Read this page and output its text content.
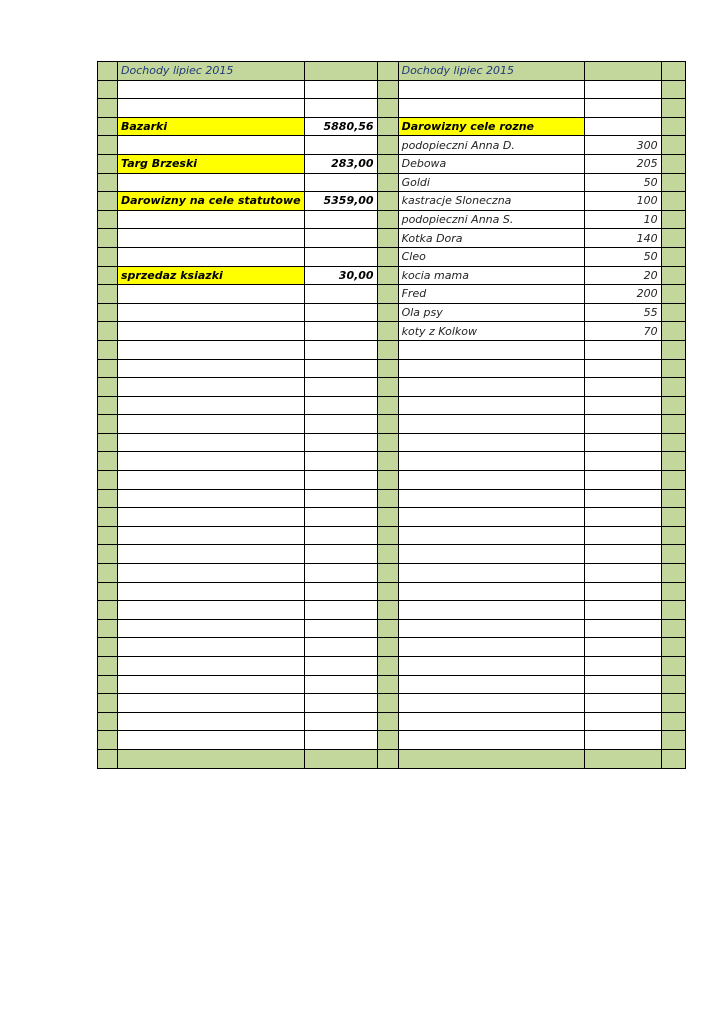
	Dochody lipiec 2015			Dochody lipiec 2015		

	Bazarki	5880,56		Darowizny cele rozne		
				podopieczni Anna D.	300	
	Targ Brzeski	283,00		Debowa	205	
				Goldi	50	
	Darowizny na cele statutowe	5359,00		kastracje Sloneczna	100	
				podopieczni Anna S.	10	
				Kotka Dora	140	
				Cleo	50	
	sprzedaz ksiazki	30,00		kocia mama	20	
				Fred	200	
				Ola psy	55	
				koty z Kolkow	70	
